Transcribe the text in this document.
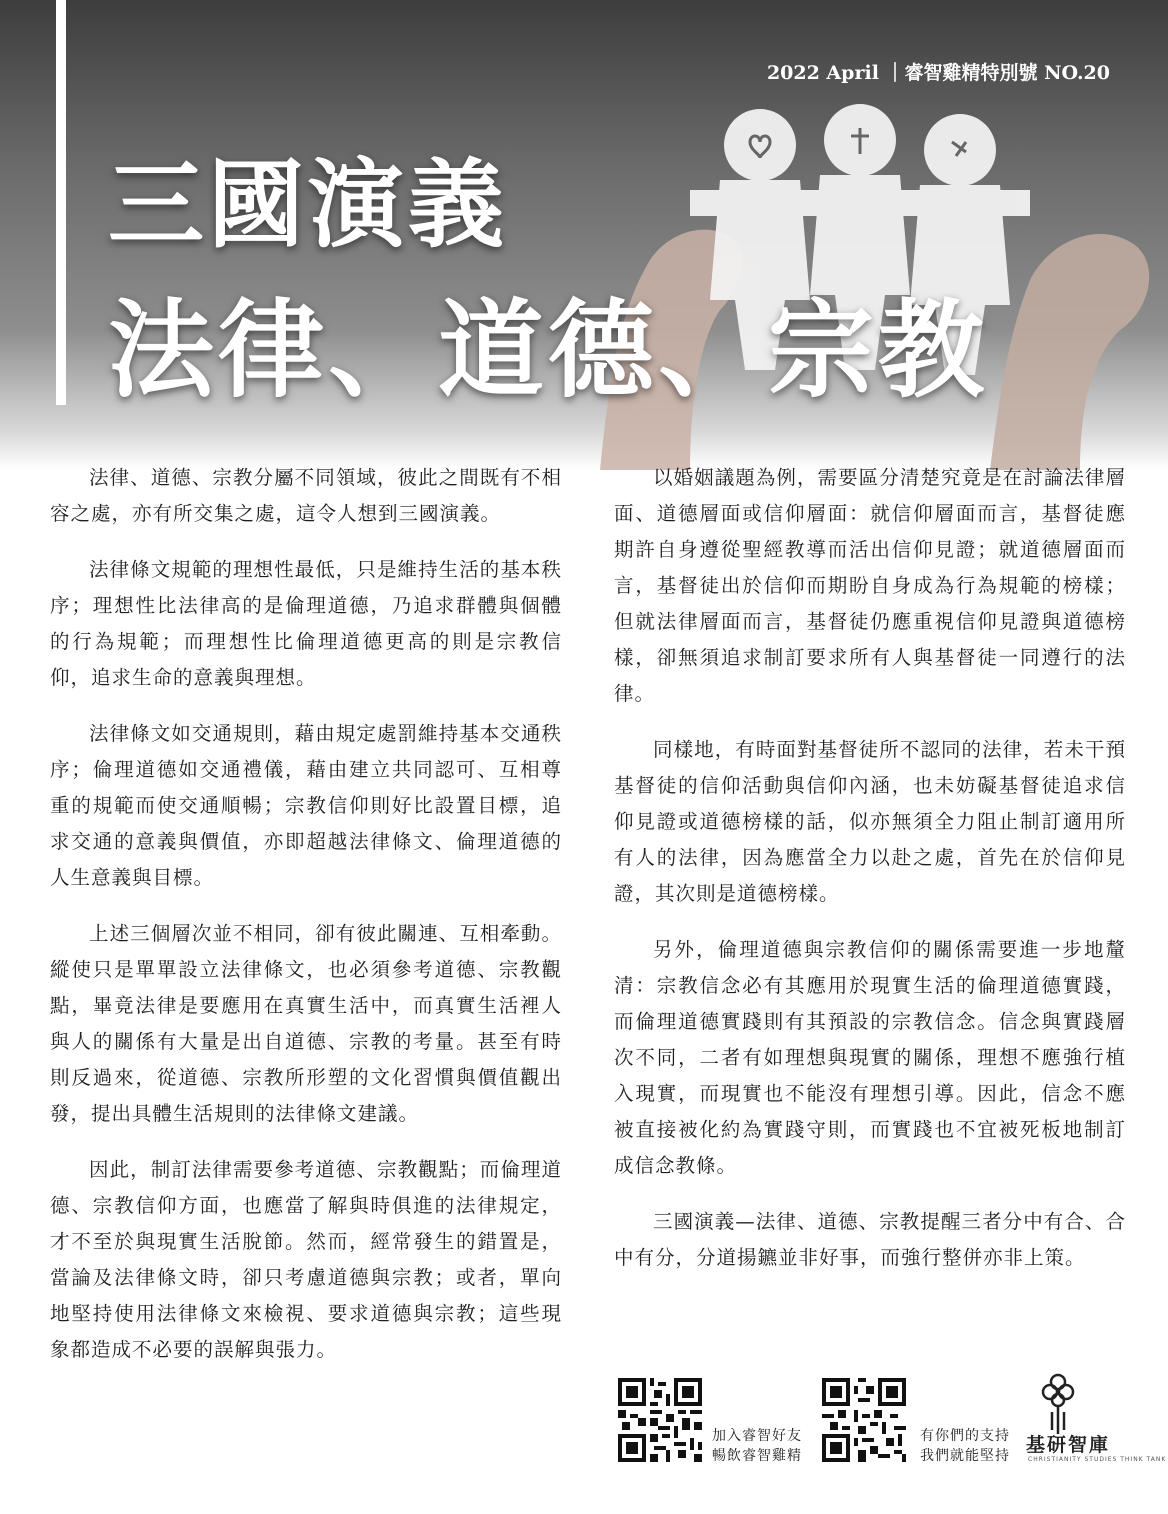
2022 April ｜睿智雞精特別號 NO.20
三國演義
法律、道德、宗教

法律、道德、宗教分屬不同領域，彼此之間既有不相容之處，亦有所交集之處，這令人想到三國演義。

法律條文規範的理想性最低，只是維持生活的基本秩序；理想性比法律高的是倫理道德，乃追求群體與個體的行為規範；而理想性比倫理道德更高的則是宗教信仰，追求生命的意義與理想。

法律條文如交通規則，藉由規定處罰維持基本交通秩序；倫理道德如交通禮儀，藉由建立共同認可、互相尊重的規範而使交通順暢；宗教信仰則好比設置目標，追求交通的意義與價值，亦即超越法律條文、倫理道德的人生意義與目標。

上述三個層次並不相同，卻有彼此關連、互相牽動。縱使只是單單設立法律條文，也必須參考道德、宗教觀點，畢竟法律是要應用在真實生活中，而真實生活裡人與人的關係有大量是出自道德、宗教的考量。甚至有時則反過來，從道德、宗教所形塑的文化習慣與價值觀出發，提出具體生活規則的法律條文建議。

因此，制訂法律需要參考道德、宗教觀點；而倫理道德、宗教信仰方面，也應當了解與時俱進的法律規定，才不至於與現實生活脫節。然而，經常發生的錯置是，當論及法律條文時，卻只考慮道德與宗教；或者，單向地堅持使用法律條文來檢視、要求道德與宗教；這些現象都造成不必要的誤解與張力。

以婚姻議題為例，需要區分清楚究竟是在討論法律層面、道德層面或信仰層面：就信仰層面而言，基督徒應期許自身遵從聖經教導而活出信仰見證；就道德層面而言，基督徒出於信仰而期盼自身成為行為規範的榜樣；但就法律層面而言，基督徒仍應重視信仰見證與道德榜樣，卻無須追求制訂要求所有人與基督徒一同遵行的法律。

同樣地，有時面對基督徒所不認同的法律，若未干預基督徒的信仰活動與信仰內涵，也未妨礙基督徒追求信仰見證或道德榜樣的話，似亦無須全力阻止制訂適用所有人的法律，因為應當全力以赴之處，首先在於信仰見證，其次則是道德榜樣。

另外，倫理道德與宗教信仰的關係需要進一步地釐清：宗教信念必有其應用於現實生活的倫理道德實踐，而倫理道德實踐則有其預設的宗教信念。信念與實踐層次不同，二者有如理想與現實的關係，理想不應強行植入現實，而現實也不能沒有理想引導。因此，信念不應被直接被化約為實踐守則，而實踐也不宜被死板地制訂成信念教條。

三國演義—法律、道德、宗教提醒三者分中有合、合中有分，分道揚鑣並非好事，而強行整併亦非上策。

加入睿智好友
暢飲睿智雞精
有你們的支持
我們就能堅持 基研智庫
CHRISTIANITY STUDIES THINK TANK
